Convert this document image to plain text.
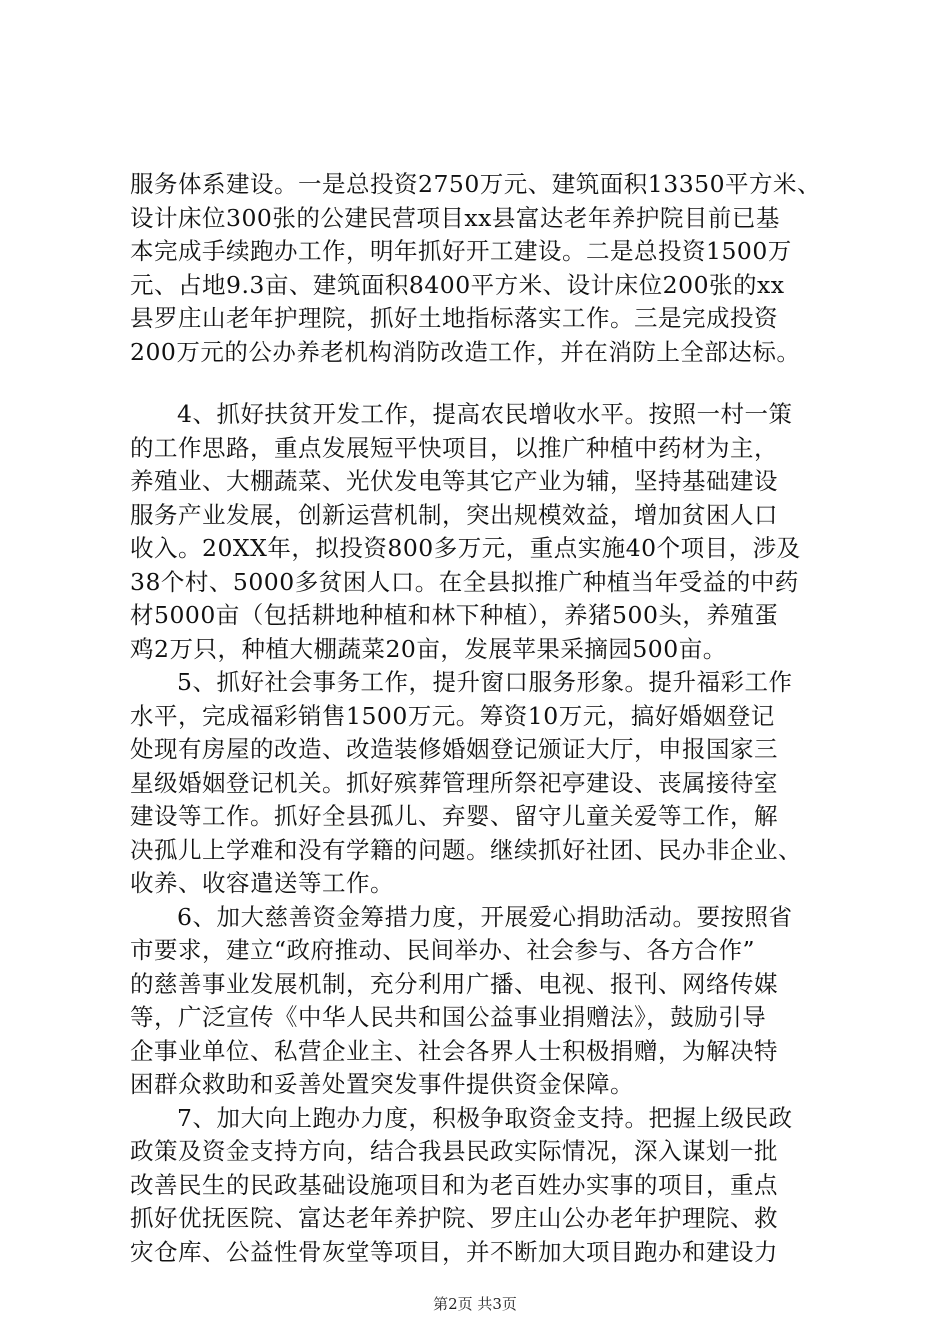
服务体系建设。一是总投资2750万元、建筑面积13350平方米、
设计床位300张的公建民营项目xx县富达老年养护院目前已基
本完成手续跑办工作，明年抓好开工建设。二是总投资1500万
元、占地9.3亩、建筑面积8400平方米、设计床位200张的xx
县罗庄山老年护理院，抓好土地指标落实工作。三是完成投资
200万元的公办养老机构消防改造工作，并在消防上全部达标。
4、抓好扶贫开发工作，提高农民增收水平。按照一村一策
的工作思路，重点发展短平快项目，以推广种植中药材为主，
养殖业、大棚蔬菜、光伏发电等其它产业为辅，坚持基础建设
服务产业发展，创新运营机制，突出规模效益，增加贫困人口
收入。20XX年，拟投资800多万元，重点实施40个项目，涉及
38个村、5000多贫困人口。在全县拟推广种植当年受益的中药
材5000亩（包括耕地种植和林下种植），养猪500头，养殖蛋
鸡2万只，种植大棚蔬菜20亩，发展苹果采摘园500亩。
5、抓好社会事务工作，提升窗口服务形象。提升福彩工作
水平，完成福彩销售1500万元。筹资10万元，搞好婚姻登记
处现有房屋的改造、改造装修婚姻登记颁证大厅，申报国家三
星级婚姻登记机关。抓好殡葬管理所祭祀亭建设、丧属接待室
建设等工作。抓好全县孤儿、弃婴、留守儿童关爱等工作，解
决孤儿上学难和没有学籍的问题。继续抓好社团、民办非企业、
收养、收容遣送等工作。
6、加大慈善资金筹措力度，开展爱心捐助活动。要按照省
市要求，建立“政府推动、民间举办、社会参与、各方合作”
的慈善事业发展机制，充分利用广播、电视、报刊、网络传媒
等，广泛宣传《中华人民共和国公益事业捐赠法》，鼓励引导
企事业单位、私营企业主、社会各界人士积极捐赠，为解决特
困群众救助和妥善处置突发事件提供资金保障。
7、加大向上跑办力度，积极争取资金支持。把握上级民政
政策及资金支持方向，结合我县民政实际情况，深入谋划一批
改善民生的民政基础设施项目和为老百姓办实事的项目，重点
抓好优抚医院、富达老年养护院、罗庄山公办老年护理院、救
灾仓库、公益性骨灰堂等项目，并不断加大项目跑办和建设力
第2页 共3页
